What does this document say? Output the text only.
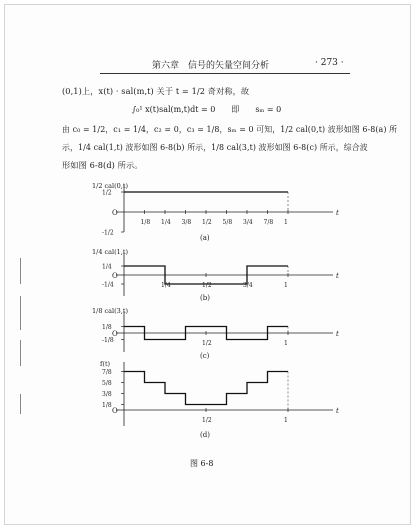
第六章　信号的矢量空间分析	· 273 ·
(0,1)上，x(t) · sal(m,t) 关于 t = 1/2 奇对称，故
∫₀¹ x(t)sal(m,t)dt = 0　　即　　sₘ = 0
由 c₀ = 1/2，c₁ = 1/4，c₂ = 0，c₃ = 1/8，sₘ = 0 可知，1/2 cal(0,t) 波形如图 6-8(a) 所
示，1/4 cal(1,t) 波形如图 6-8(b) 所示，1/8 cal(3,t) 波形如图 6-8(c) 所示，综合波
形如图 6-8(d) 所示。
t
O
1/2 cal(0,t)
1/2
-1/2
1/8 1/4 3/8 1/2 5/8 3/4 7/8 1
(a)
t
O
1/4 cal(1,t)
1/4
-1/4	1/4	1/2	3/4	1
(b)
t
O
1/8 cal(3,t)
1/8
-1/8	1/2	1
(c)
t
O
f(t)
7/8
5/8
3/8
1/8
1/2	1
(d)
图 6-8
